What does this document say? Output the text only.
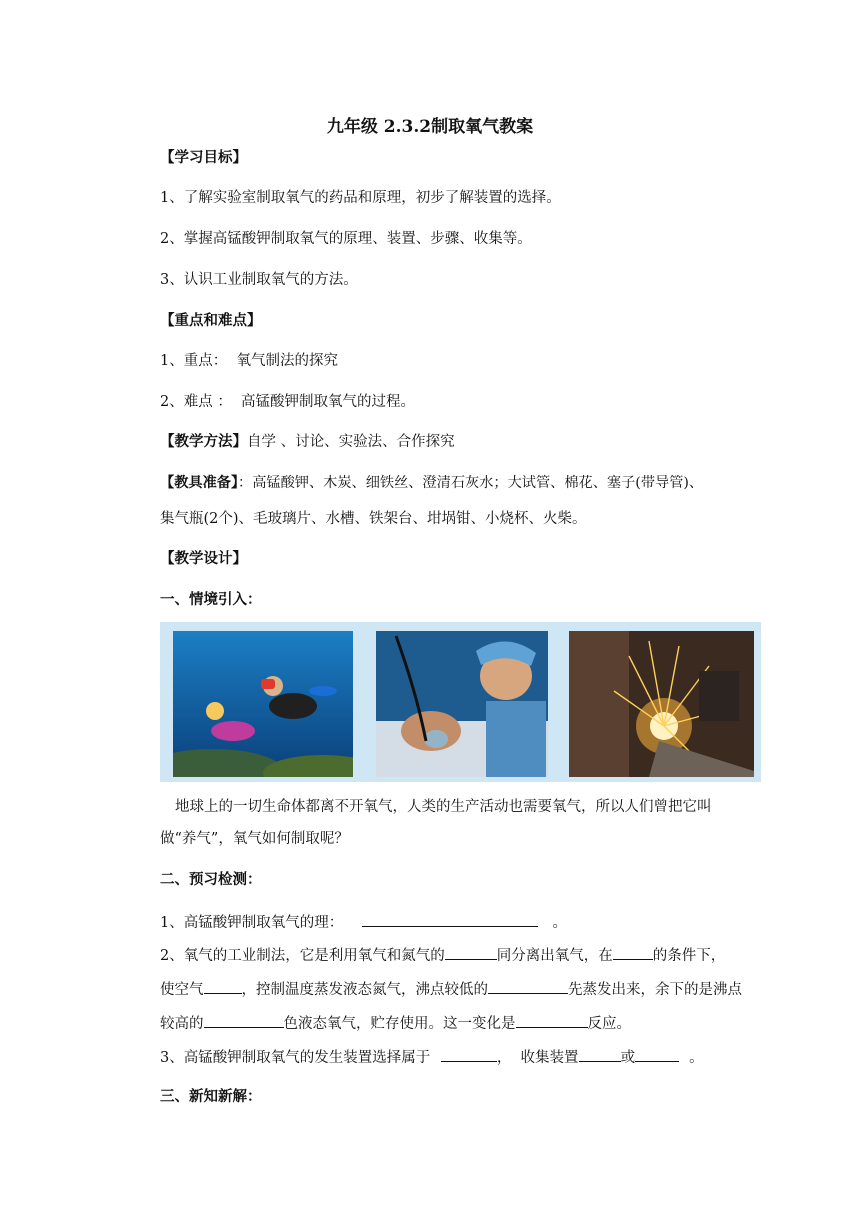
九年级 2.3.2制取氧气教案
【学习目标】
1、了解实验室制取氧气的药品和原理，初步了解装置的选择。
2、掌握高锰酸钾制取氧气的原理、装置、步骤、收集等。
3、认识工业制取氧气的方法。
【重点和难点】
1、重点：  氧气制法的探究
2、难点 ：  高锰酸钾制取氧气的过程。
【教学方法】自学 、讨论、实验法、合作探究
【教具准备】：高锰酸钾、木炭、细铁丝、澄清石灰水；大试管、棉花、塞子(带导管)、
集气瓶(2个)、毛玻璃片、水槽、铁架台、坩埚钳、小烧杯、火柴。
【教学设计】
一、情境引入：
地球上的一切生命体都离不开氧气，人类的生产活动也需要氧气，所以人们曾把它叫
做“养气”，氧气如何制取呢？
二、预习检测：
1、高锰酸钾制取氧气的理：	。
2、氧气的工业制法，它是利用氧气和氮气的	同分离出氧气，在	的条件下，
使空气	，控制温度蒸发液态氮气，沸点较低的	先蒸发出来，余下的是沸点
较高的	色液态氧气，贮存使用。这一变化是	反应。
3、高锰酸钾制取氧气的发生装置选择属于	，  收集装置	或	。
三、新知新解：
